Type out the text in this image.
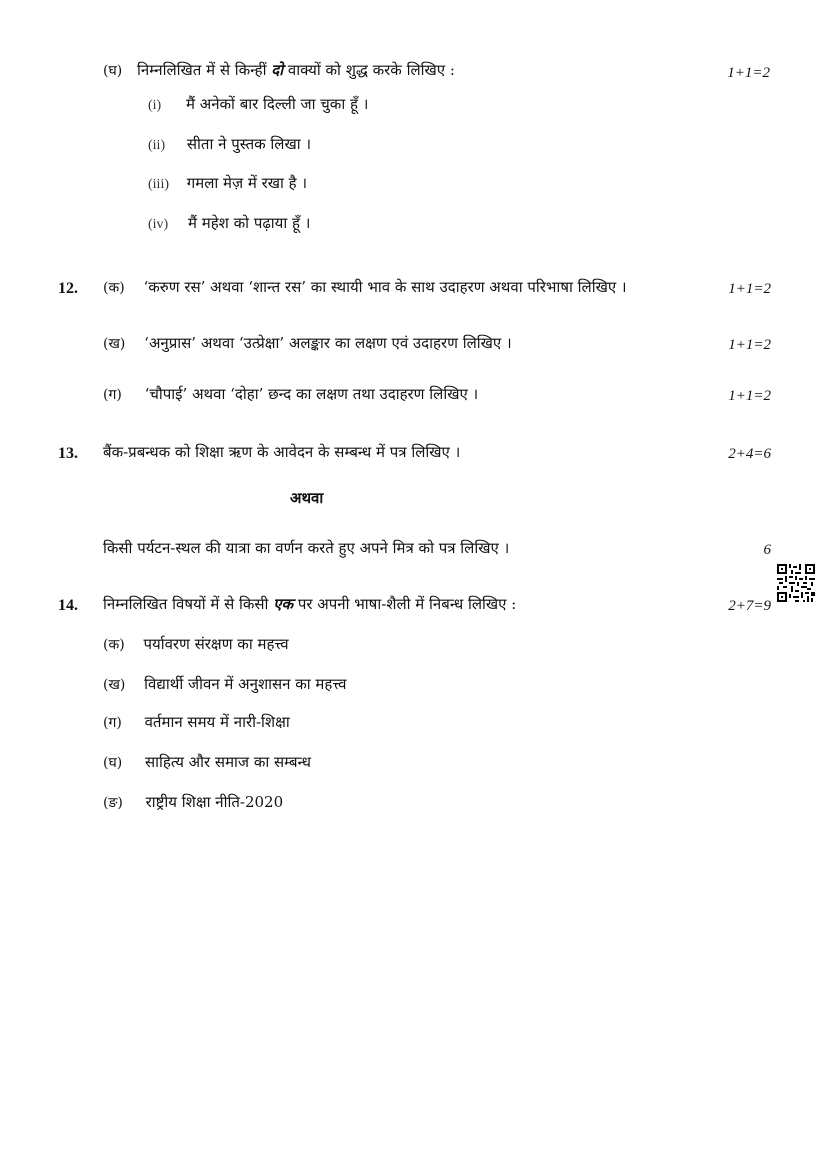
(घ) निम्नलिखित में से किन्हीं दो वाक्यों को शुद्ध करके लिखिए :	1+1=2
(i) मैं अनेकों बार दिल्ली जा चुका हूँ ।
(ii) सीता ने पुस्तक लिखा ।
(iii) गमला मेज़ में रखा है ।
(iv) मैं महेश को पढ़ाया हूँ ।
12. (क) ‘करुण रस’ अथवा ‘शान्त रस’ का स्थायी भाव के साथ उदाहरण अथवा परिभाषा लिखिए ।	1+1=2
(ख) ‘अनुप्रास’ अथवा ‘उत्प्रेक्षा’ अलङ्कार का लक्षण एवं उदाहरण लिखिए ।	1+1=2
(ग) ‘चौपाई’ अथवा ‘दोहा’ छन्द का लक्षण तथा उदाहरण लिखिए ।	1+1=2
13. बैंक-प्रबन्धक को शिक्षा ऋण के आवेदन के सम्बन्ध में पत्र लिखिए ।	2+4=6
अथवा
किसी पर्यटन-स्थल की यात्रा का वर्णन करते हुए अपने मित्र को पत्र लिखिए ।	6
14. निम्नलिखित विषयों में से किसी एक पर अपनी भाषा-शैली में निबन्ध लिखिए :	2+7=9
(क) पर्यावरण संरक्षण का महत्त्व
(ख) विद्यार्थी जीवन में अनुशासन का महत्त्व
(ग) वर्तमान समय में नारी-शिक्षा
(घ) साहित्य और समाज का सम्बन्ध
(ङ) राष्ट्रीय शिक्षा नीति-2020
